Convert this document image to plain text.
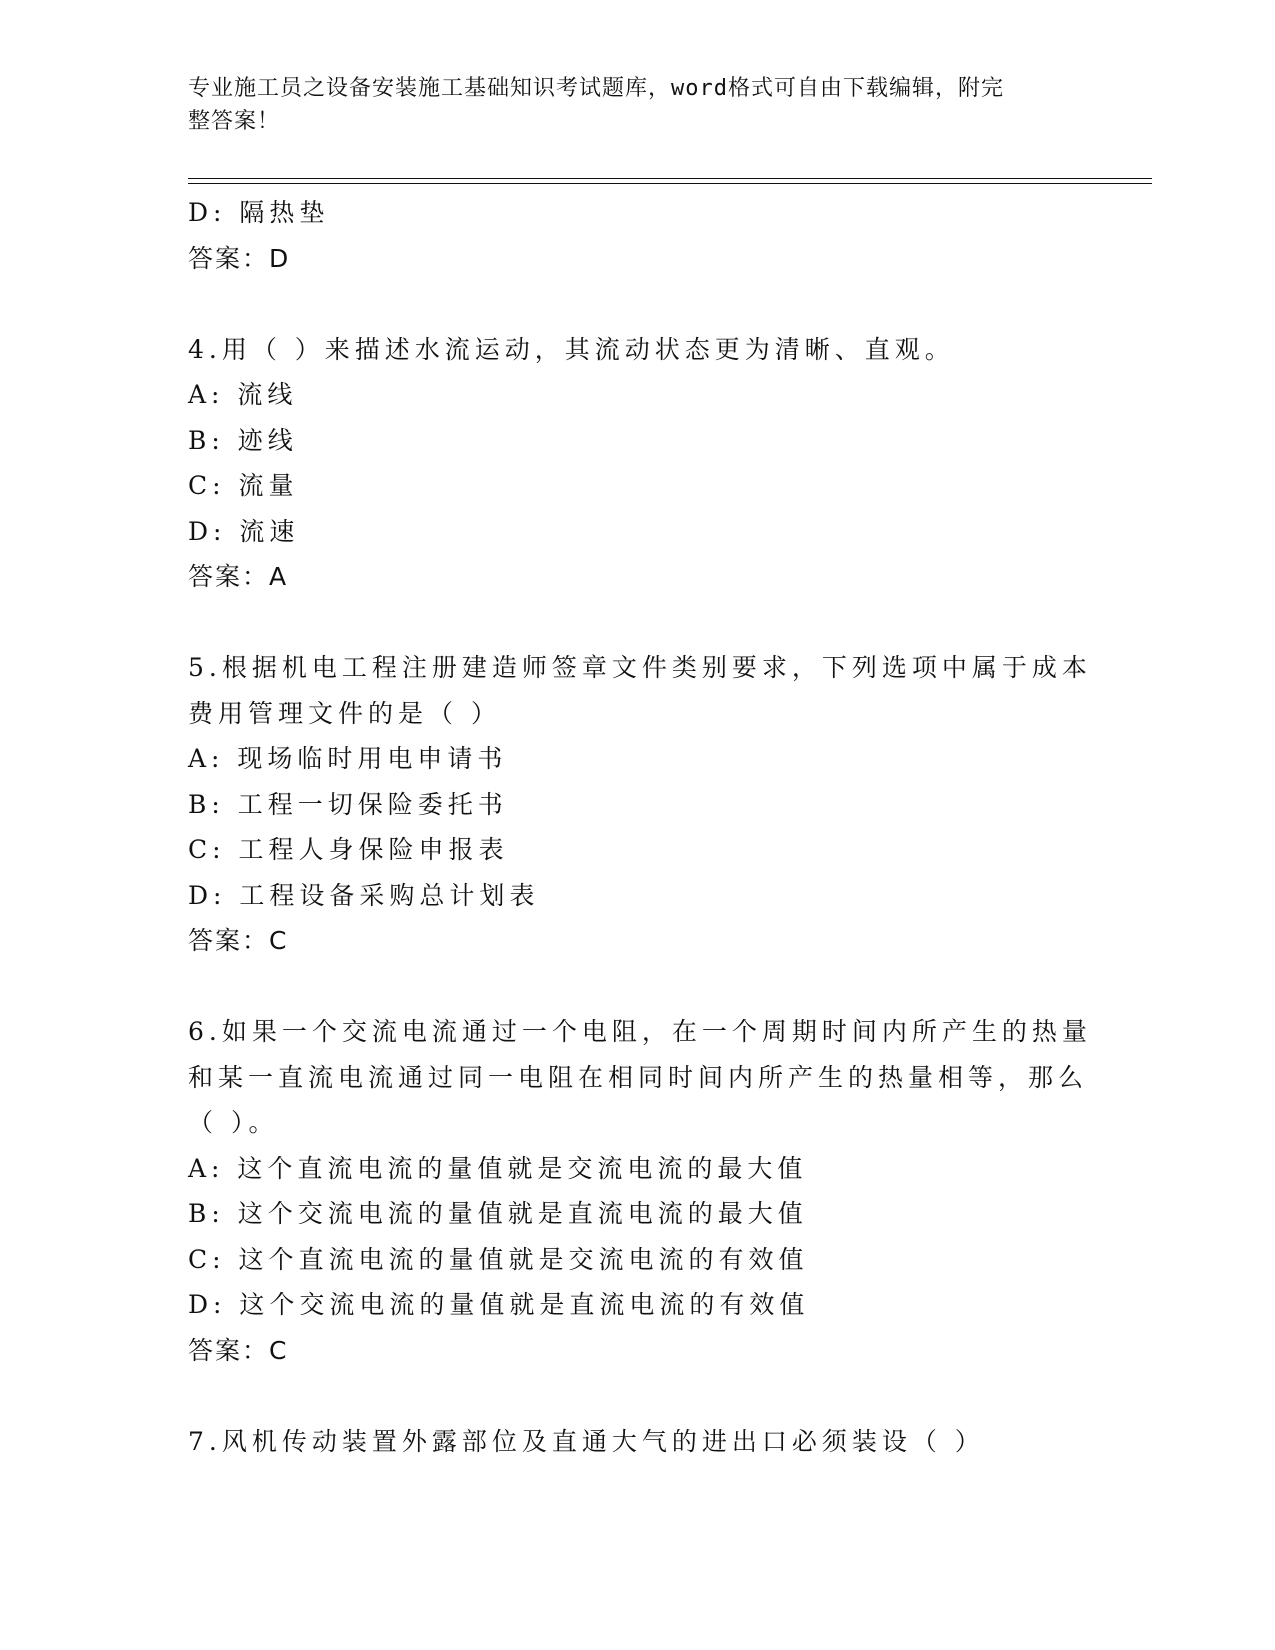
专业施工员之设备安装施工基础知识考试题库，word格式可自由下载编辑，附完
整答案！
D: 隔热垫
答案：D
4.用（ ）来描述水流运动，其流动状态更为清晰、直观。
A: 流线
B: 迹线
C: 流量
D: 流速
答案：A
5.根据机电工程注册建造师签章文件类别要求，下列选项中属于成本
费用管理文件的是（ ）
A: 现场临时用电申请书
B: 工程一切保险委托书
C: 工程人身保险申报表
D: 工程设备采购总计划表
答案：C
6.如果一个交流电流通过一个电阻，在一个周期时间内所产生的热量
和某一直流电流通过同一电阻在相同时间内所产生的热量相等，那么
（ ）。
A: 这个直流电流的量值就是交流电流的最大值
B: 这个交流电流的量值就是直流电流的最大值
C: 这个直流电流的量值就是交流电流的有效值
D: 这个交流电流的量值就是直流电流的有效值
答案：C
7.风机传动装置外露部位及直通大气的进出口必须装设（ ）
